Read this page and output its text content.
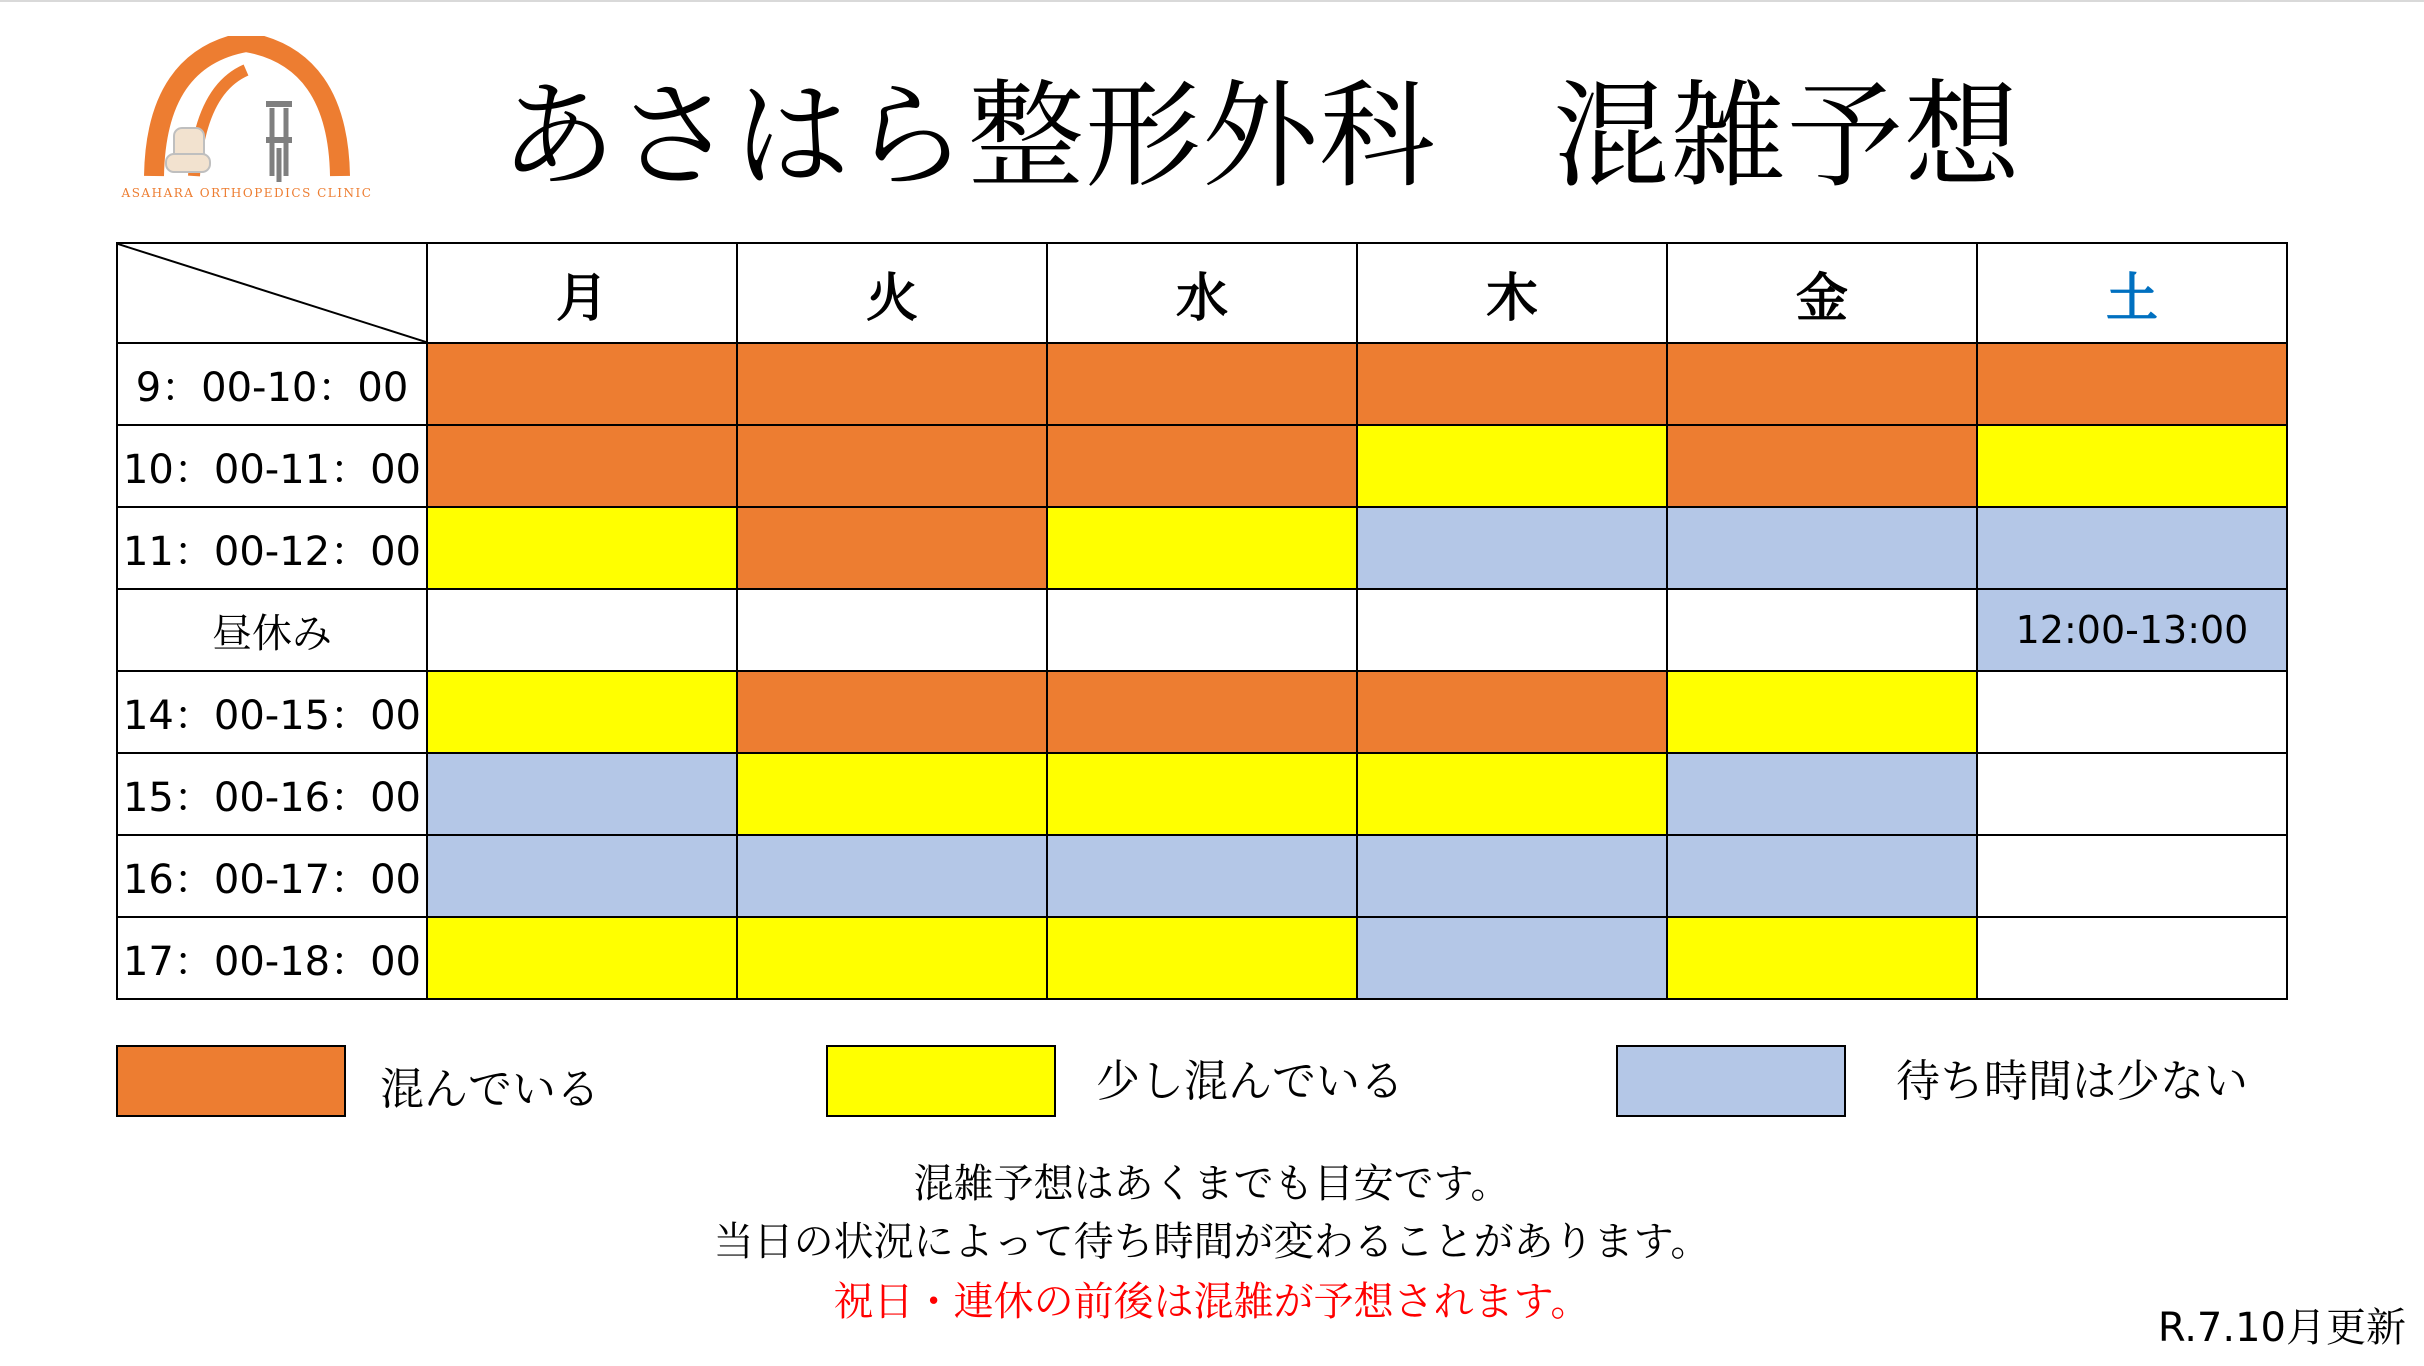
ASAHARA ORTHOPEDICS CLINIC あさはら整形外科　混雑予想
	月	火	水	木	金	土
9：00-10：00						
10：00-11：00						
11：00-12：00						
昼休み						12:00-13:00
14：00-15：00						
15：00-16：00						
16：00-17：00						
17：00-18：00						
混んでいる	少し混んでいる	待ち時間は少ない
混雑予想はあくまでも目安です。
当日の状況によって待ち時間が変わることがあります。
祝日・連休の前後は混雑が予想されます。
R.7.10月更新
